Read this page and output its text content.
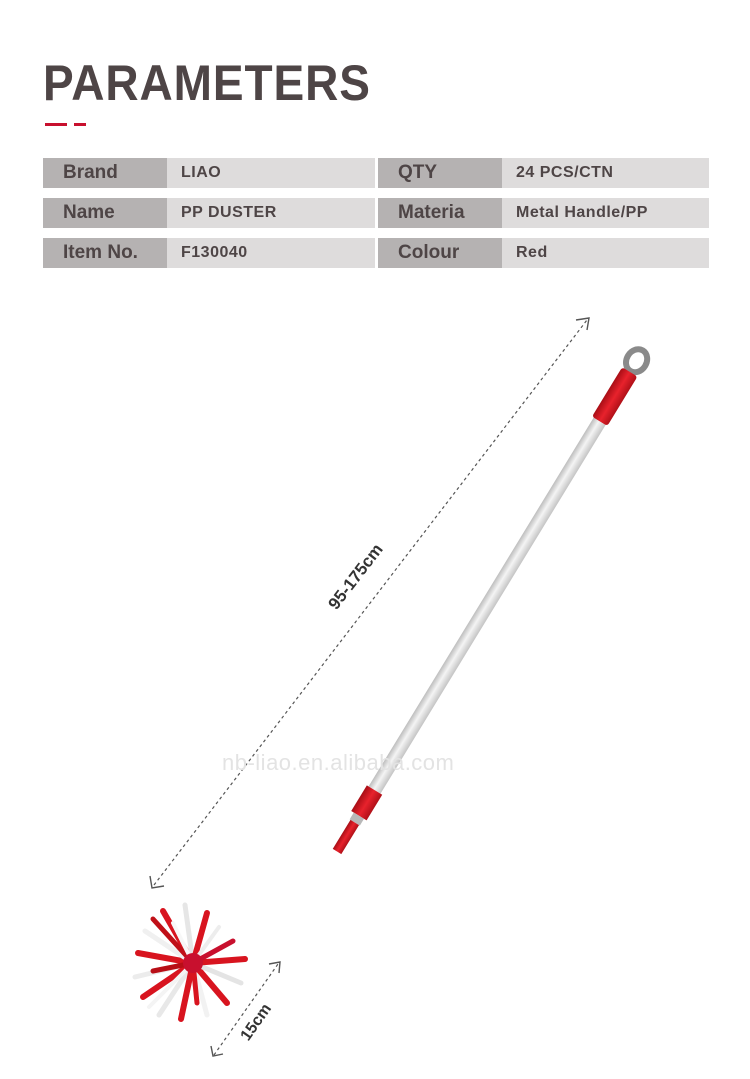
PARAMETERS
Brand	LIAO	QTY	24 PCS/CTN
Name	PP DUSTER	Materia	Metal Handle/PP
Item No.	F130040	Colour	Red
95-175cm
15cm
nb-liao.en.alibaba.com
